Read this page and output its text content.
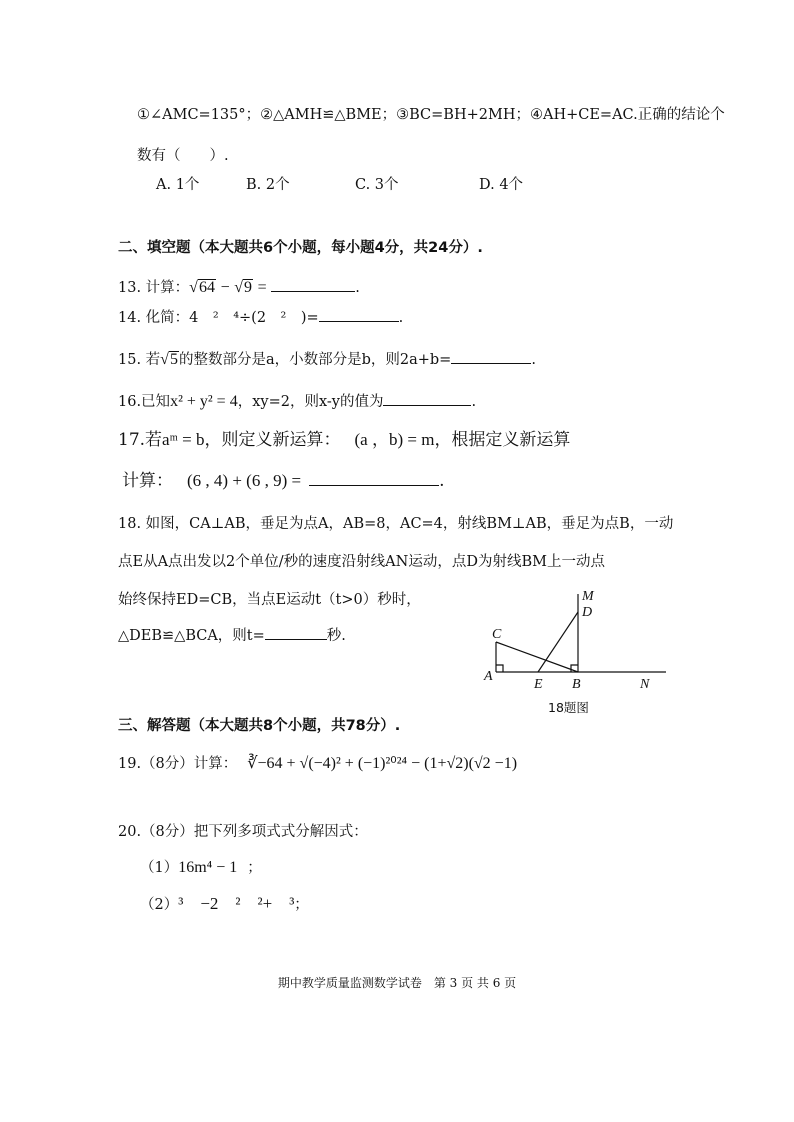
①∠AMC=135°；②△AMH≌△BME；③BC=BH+2MH；④AH+CE=AC.正确的结论个
数有（　　）.
A. 1个	B. 2个	C. 3个	D. 4个
二、填空题（本大题共6个小题，每小题4分，共24分）.
13. 计算：√64 − √9 =	.
14. 化简：4　²　⁴÷(2　²　)=	.
15. 若√5的整数部分是a，小数部分是b，则2a+b=	.
16.已知x² + y² = 4，xy=2，则x-y的值为	.
17.若aᵐ = b，则定义新运算： (a ，b) = m，根据定义新运算
计算： (6 , 4) + (6 , 9) =	.
18. 如图，CA⊥AB，垂足为点A，AB=8，AC=4，射线BM⊥AB，垂足为点B，一动
点E从A点出发以2个单位/秒的速度沿射线AN运动，点D为射线BM上一动点
始终保持ED=CB，当点E运动t（t>0）秒时，
△DEB≌△BCA，则t=	秒.
M
D
C
A
E B	N
18题图
三、解答题（本大题共8个小题，共78分）.
19.（8分）计算： ∛−64 + √(−4)² + (−1)²⁰²⁴ − (1+√2)(√2 −1)
20.（8分）把下列多项式式分解因式：
（1）16m⁴ − 1 ；
（2）³　−2　²　²+　³；
期中教学质量监测数学试卷　第 3 页 共 6 页
